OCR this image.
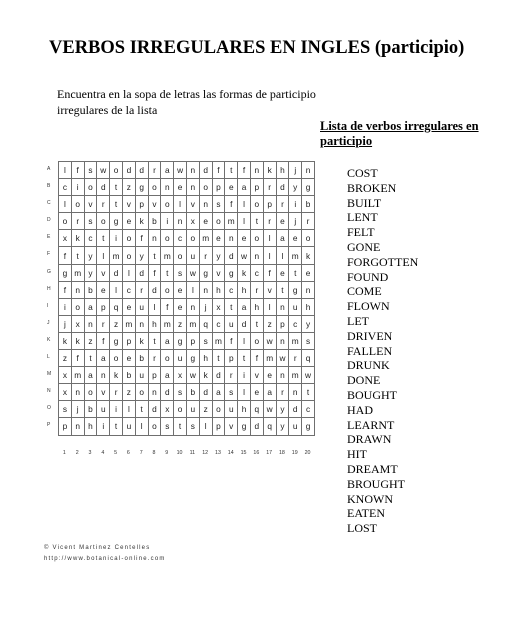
VERBOS IRREGULARES EN INGLES (participio)

Encuentra en la sopa de letras las formas de participio irregulares de la lista

Lista de verbos irregulares en participio

COST
BROKEN
BUILT
LENT
FELT
GONE
FORGOTTEN
FOUND
COME
FLOWN
LET
DRIVEN
FALLEN
DRUNK
DONE
BOUGHT
HAD
LEARNT
DRAWN
HIT
DREAMT
BROUGHT
KNOWN
EATEN
LOST
A
B
C
D
E
F
G
H
I
J
K
L
M
N
O
P
l	f	s	w	o	d	d	r	a	w	n	d	f	t	f	n	k	h	j	n
c	i	o	d	t	z	g	o	n	e	n	o	p	e	a	p	r	d	y	g
l	o	v	r	t	v	p	v	o	l	v	n	s	f	l	o	p	r	i	b
o	r	s	o	g	e	k	b	i	n	x	e	o	m	l	t	r	e	j	r
x	k	c	t	i	o	f	n	o	c	o	m	e	n	e	o	l	a	e	o
f	t	y	l	m	o	y	t	m	o	u	r	y	d	w	n	l	l	m	k
g	m	y	v	d	l	d	f	t	s	w	g	v	g	k	c	f	e	t	e
f	n	b	e	l	c	r	d	o	e	l	n	h	c	h	r	v	t	g	n
i	o	a	p	q	e	u	l	f	e	n	j	x	t	a	h	l	n	u	h
j	x	n	r	z	m	n	h	m	z	m	q	c	u	d	t	z	p	c	y
k	k	z	f	g	p	k	t	a	g	p	s	m	f	l	o	w	n	m	s
z	f	t	a	o	e	b	r	o	u	g	h	t	p	t	f	m	w	r	q
x	m	a	n	k	b	u	p	a	x	w	k	d	r	i	v	e	n	m	w
x	n	o	v	r	z	o	n	d	s	b	d	a	s	l	e	a	r	n	t
s	j	b	u	i	l	t	d	x	o	u	z	o	u	h	q	w	y	d	c
p	n	h	i	t	u	l	o	s	t	s	l	p	v	g	d	q	y	u	g
1	2	3	4	5	6	7	8	9	10	11	12	13	14	15	16	17	18	19	20

© Vicent Martinez Centelles

http://www.botanical-online.com
